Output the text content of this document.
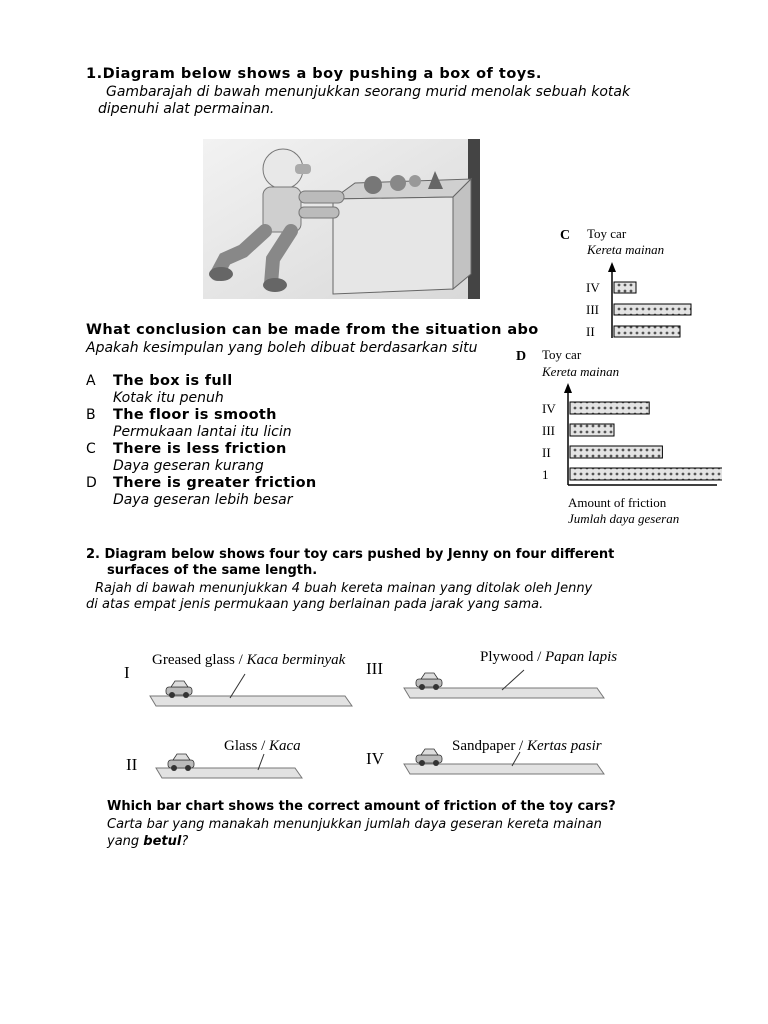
1.Diagram below shows a boy pushing a box of toys.
Gambarajah di bawah menunjukkan seorang murid menolak sebuah kotak
dipenuhi alat permainan.
What conclusion can be made from the situation abo
Apakah kesimpulan yang boleh dibuat berdasarkan situ
A The box is full
Kotak itu penuh
B The floor is smooth
Permukaan lantai itu licin
C There is less friction
Daya geseran kurang
D There is greater friction
Daya geseran lebih besar
C Toy car
Kereta mainan
IV
III
II
D Toy car
Kereta mainan
IV
III
II
1
Amount of friction
Jumlah daya geseran
2. Diagram below shows four toy cars pushed by Jenny on four different
surfaces of the same length.
Rajah di bawah menunjukkan 4 buah kereta mainan yang ditolak oleh Jenny
di atas empat jenis permukaan yang berlainan pada jarak yang sama.
I
Greased glass / Kaca berminyak III
Plywood / Papan lapis
II
Glass / Kaca
IV
Sandpaper / Kertas pasir
Which bar chart shows the correct amount of friction of the toy cars?
Carta bar yang manakah menunjukkan jumlah daya geseran kereta mainan
yang betul?
